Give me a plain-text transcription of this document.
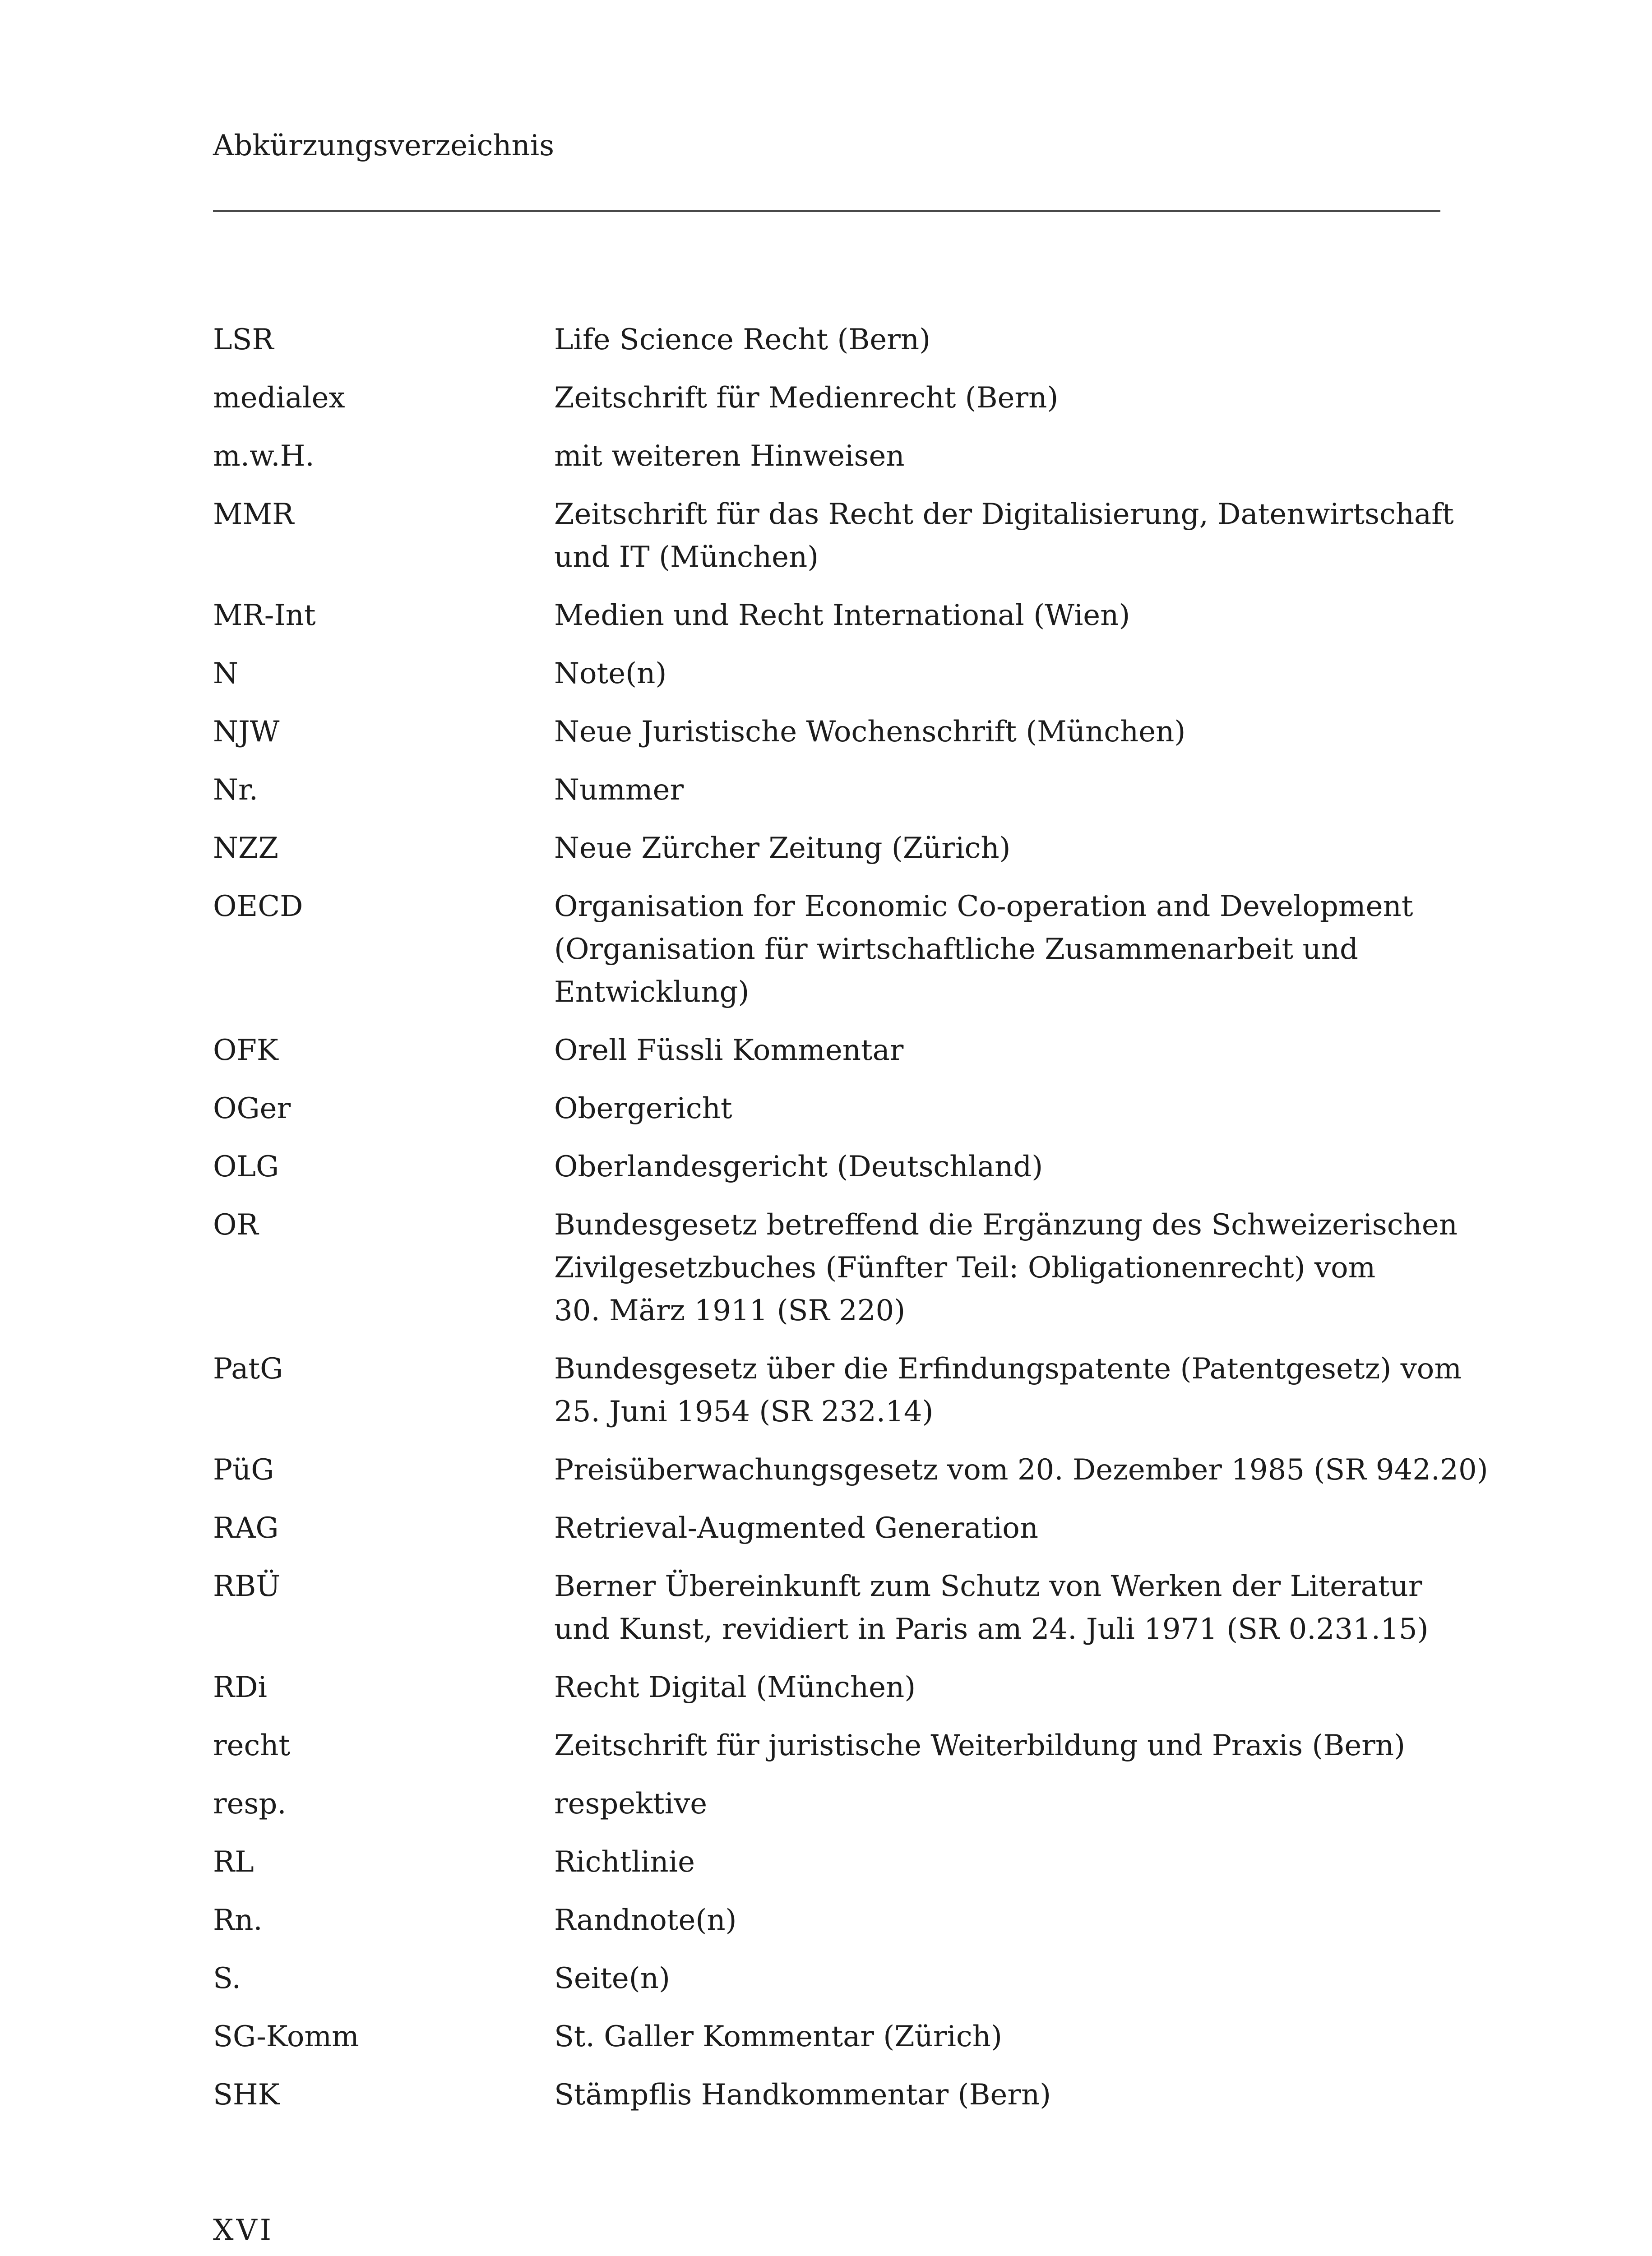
Abkürzungsverzeichnis
LSR	Life Science Recht (Bern)
medialex	Zeitschrift für Medienrecht (Bern)
m.w.H.	mit weiteren Hinweisen
MMR	Zeitschrift für das Recht der Digitalisierung, Datenwirtschaft
und IT (München)
MR-Int	Medien und Recht International (Wien)
N	Note(n)
NJW	Neue Juristische Wochenschrift (München)
Nr.	Nummer
NZZ	Neue Zürcher Zeitung (Zürich)
OECD	Organisation for Economic Co-operation and Development
(Organisation für wirtschaftliche Zusammenarbeit und
Entwicklung)
OFK	Orell Füssli Kommentar
OGer	Obergericht
OLG	Oberlandesgericht (Deutschland)
OR	Bundesgesetz betreffend die Ergänzung des Schweizerischen
Zivilgesetzbuches (Fünfter Teil: Obligationenrecht) vom
30. März 1911 (SR 220)
PatG	Bundesgesetz über die Erfindungspatente (Patentgesetz) vom
25. Juni 1954 (SR 232.14)
PüG	Preisüberwachungsgesetz vom 20. Dezember 1985 (SR 942.20)
RAG	Retrieval-Augmented Generation
RBÜ	Berner Übereinkunft zum Schutz von Werken der Literatur
und Kunst, revidiert in Paris am 24. Juli 1971 (SR 0.231.15)
RDi	Recht Digital (München)
recht	Zeitschrift für juristische Weiterbildung und Praxis (Bern)
resp.	respektive
RL	Richtlinie
Rn.	Randnote(n)
S.	Seite(n)
SG-Komm	St. Galler Kommentar (Zürich)
SHK	Stämpflis Handkommentar (Bern)
XVI
